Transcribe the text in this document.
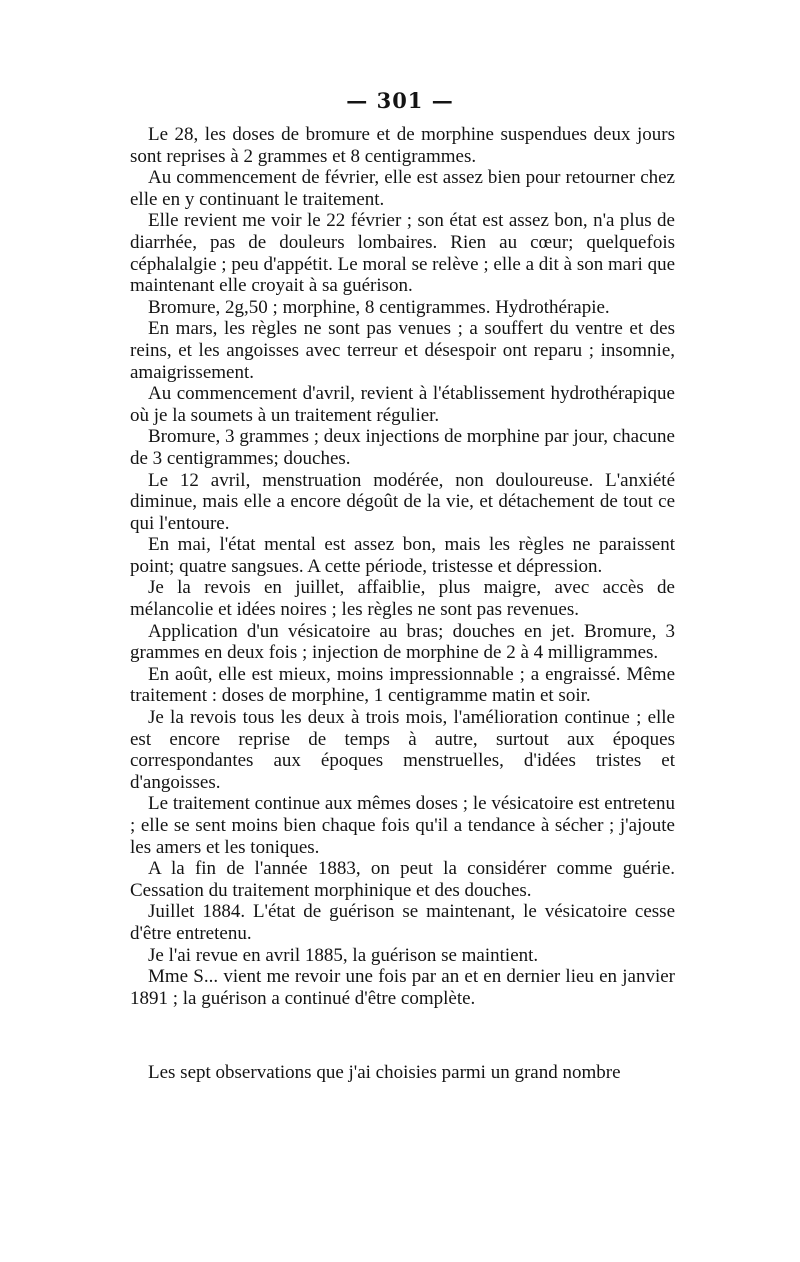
— 301 —

Le 28, les doses de bromure et de morphine suspendues deux jours sont reprises à 2 grammes et 8 centigrammes.

Au commencement de février, elle est assez bien pour retourner chez elle en y continuant le traitement.

Elle revient me voir le 22 février ; son état est assez bon, n'a plus de diarrhée, pas de douleurs lombaires. Rien au cœur; quelquefois céphalalgie ; peu d'appétit. Le moral se relève ; elle a dit à son mari que maintenant elle croyait à sa guérison.

Bromure, 2g,50 ; morphine, 8 centigrammes. Hydrothérapie.

En mars, les règles ne sont pas venues ; a souffert du ventre et des reins, et les angoisses avec terreur et désespoir ont reparu ; insomnie, amaigrissement.

Au commencement d'avril, revient à l'établissement hydrothérapique où je la soumets à un traitement régulier.

Bromure, 3 grammes ; deux injections de morphine par jour, chacune de 3 centigrammes; douches.

Le 12 avril, menstruation modérée, non douloureuse. L'anxiété diminue, mais elle a encore dégoût de la vie, et détachement de tout ce qui l'entoure.

En mai, l'état mental est assez bon, mais les règles ne paraissent point; quatre sangsues. A cette période, tristesse et dépression.

Je la revois en juillet, affaiblie, plus maigre, avec accès de mélancolie et idées noires ; les règles ne sont pas revenues.

Application d'un vésicatoire au bras; douches en jet. Bromure, 3 grammes en deux fois ; injection de morphine de 2 à 4 milligrammes.

En août, elle est mieux, moins impressionnable ; a engraissé. Même traitement : doses de morphine, 1 centigramme matin et soir.

Je la revois tous les deux à trois mois, l'amélioration continue ; elle est encore reprise de temps à autre, surtout aux époques correspondantes aux époques menstruelles, d'idées tristes et d'angoisses.

Le traitement continue aux mêmes doses ; le vésicatoire est entretenu ; elle se sent moins bien chaque fois qu'il a tendance à sécher ; j'ajoute les amers et les toniques.

A la fin de l'année 1883, on peut la considérer comme guérie. Cessation du traitement morphinique et des douches.

Juillet 1884. L'état de guérison se maintenant, le vésicatoire cesse d'être entretenu.

Je l'ai revue en avril 1885, la guérison se maintient.

Mme S... vient me revoir une fois par an et en dernier lieu en janvier 1891 ; la guérison a continué d'être complète.

Les sept observations que j'ai choisies parmi un grand nombre
